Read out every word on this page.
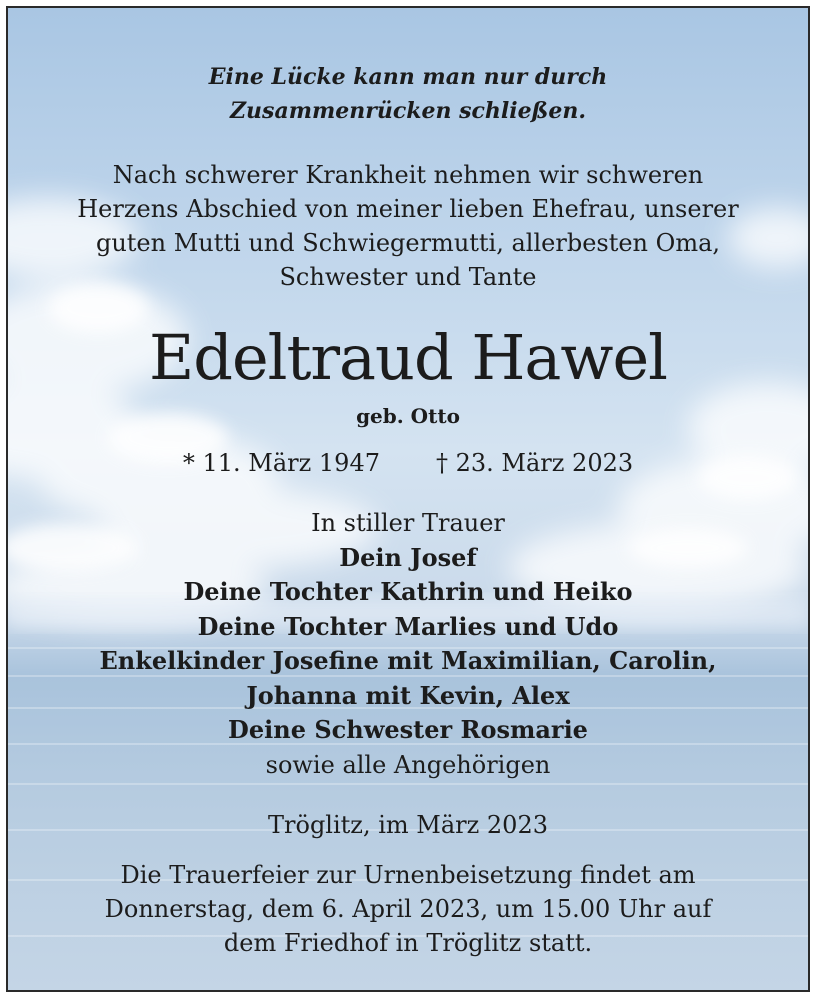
Eine Lücke kann man nur durch
Zusammenrücken schließen.
Nach schwerer Krankheit nehmen wir schweren
Herzens Abschied von meiner lieben Ehefrau, unserer
guten Mutti und Schwiegermutti, allerbesten Oma,
Schwester und Tante
Edeltraud Hawel
geb. Otto
* 11. März 1947 † 23. März 2023
In stiller Trauer
Dein Josef
Deine Tochter Kathrin und Heiko
Deine Tochter Marlies und Udo
Enkelkinder Josefine mit Maximilian, Carolin,
Johanna mit Kevin, Alex
Deine Schwester Rosmarie
sowie alle Angehörigen
Tröglitz, im März 2023
Die Trauerfeier zur Urnenbeisetzung findet am
Donnerstag, dem 6. April 2023, um 15.00 Uhr auf
dem Friedhof in Tröglitz statt.
